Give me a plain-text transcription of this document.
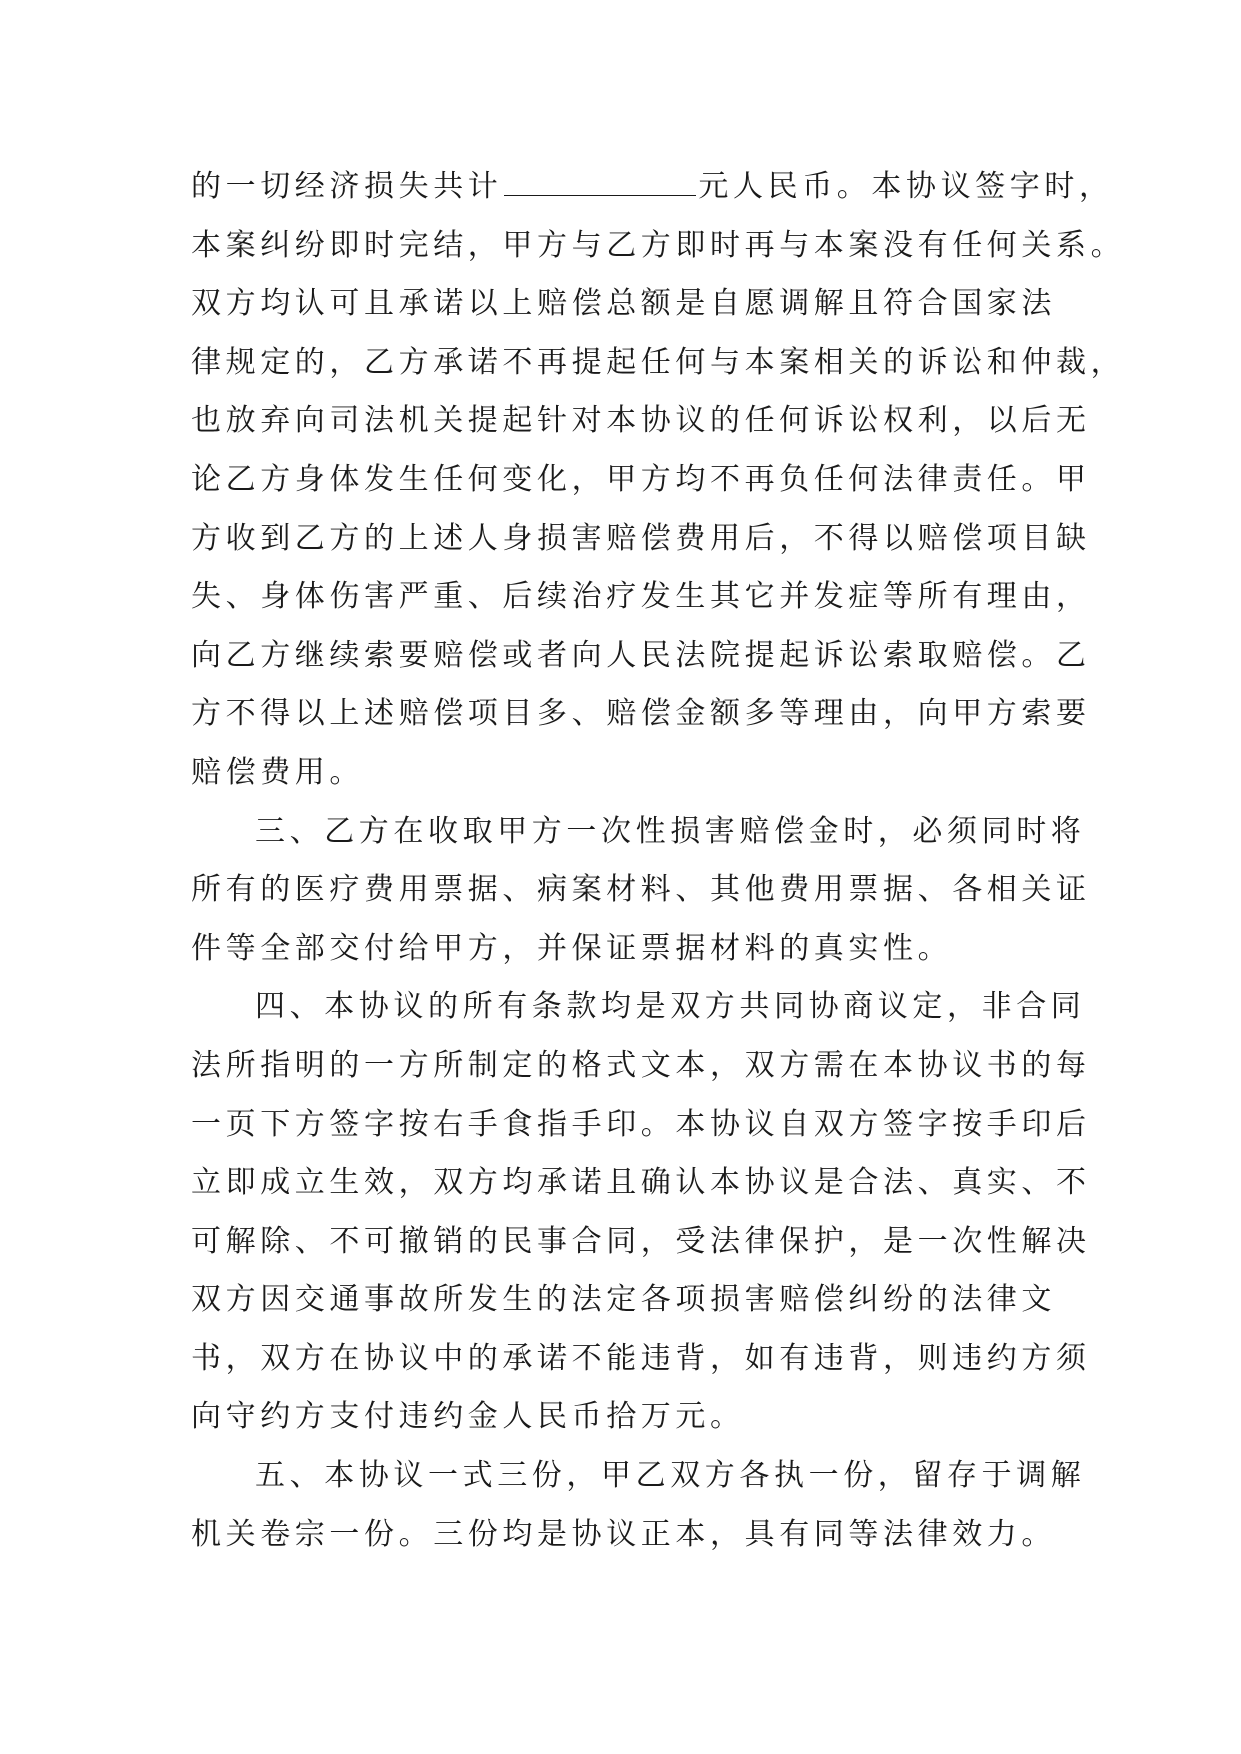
的一切经济损失共计	元人民币。本协议签字时，
本案纠纷即时完结，甲方与乙方即时再与本案没有任何关系。
双方均认可且承诺以上赔偿总额是自愿调解且符合国家法
律规定的，乙方承诺不再提起任何与本案相关的诉讼和仲裁，
也放弃向司法机关提起针对本协议的任何诉讼权利，以后无
论乙方身体发生任何变化，甲方均不再负任何法律责任。甲
方收到乙方的上述人身损害赔偿费用后，不得以赔偿项目缺
失、身体伤害严重、后续治疗发生其它并发症等所有理由，
向乙方继续索要赔偿或者向人民法院提起诉讼索取赔偿。乙
方不得以上述赔偿项目多、赔偿金额多等理由，向甲方索要
赔偿费用。
三、乙方在收取甲方一次性损害赔偿金时，必须同时将
所有的医疗费用票据、病案材料、其他费用票据、各相关证
件等全部交付给甲方，并保证票据材料的真实性。
四、本协议的所有条款均是双方共同协商议定，非合同
法所指明的一方所制定的格式文本，双方需在本协议书的每
一页下方签字按右手食指手印。本协议自双方签字按手印后
立即成立生效，双方均承诺且确认本协议是合法、真实、不
可解除、不可撤销的民事合同，受法律保护，是一次性解决
双方因交通事故所发生的法定各项损害赔偿纠纷的法律文
书，双方在协议中的承诺不能违背，如有违背，则违约方须
向守约方支付违约金人民币拾万元。
五、本协议一式三份，甲乙双方各执一份，留存于调解
机关卷宗一份。三份均是协议正本，具有同等法律效力。
